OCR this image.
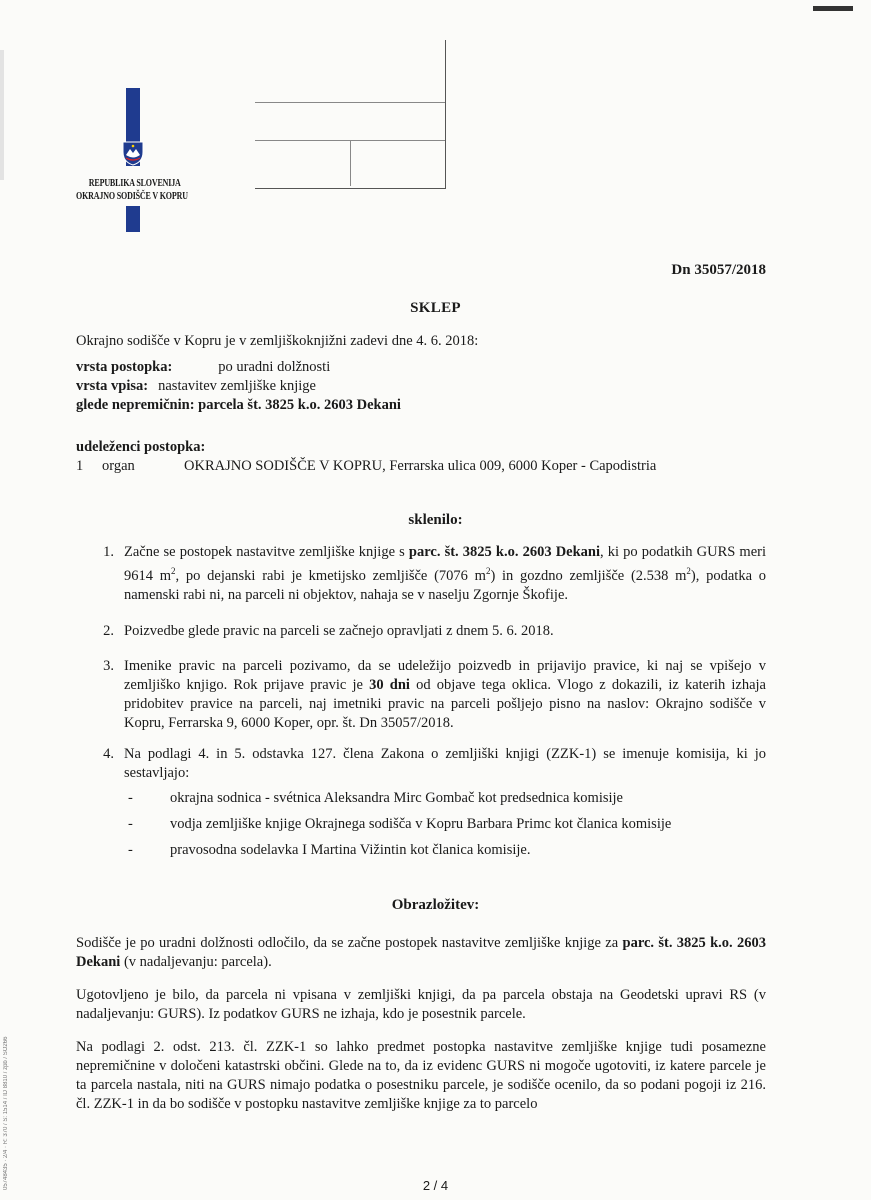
REPUBLIKA SLOVENIJA
OKRAJNO SODIŠČE V KOPRU
Dn 35057/2018
SKLEP
Okrajno sodišče v Kopru je v zemljiškoknjižni zadevi dne 4. 6. 2018:
vrsta postopka:	po uradni dolžnosti
vrsta vpisa: nastavitev zemljiške knjige
glede nepremičnin: parcela št. 3825 k.o. 2603 Dekani
udeleženci postopka:
1 organ	OKRAJNO SODIŠČE V KOPRU, Ferrarska ulica 009, 6000 Koper - Capodistria
sklenilo:
1. Začne se postopek nastavitve zemljiške knjige s parc. št. 3825 k.o. 2603 Dekani, ki po podatkih GURS meri 9614 $m^2$, po dejanski rabi je kmetijsko zemljišče (7076 $m^2$) in gozdno zemljišče (2.538 $m^2$), podatka o namenski rabi ni, na parceli ni objektov, nahaja se v naselju Zgornje Škofije.
2. Poizvedbe glede pravic na parceli se začnejo opravljati z dnem 5. 6. 2018.
3. Imenike pravic na parceli pozivamo, da se udeležijo poizvedb in prijavijo pravice, ki naj se vpišejo v zemljiško knjigo. Rok prijave pravic je 30 dni od objave tega oklica. Vlogo z dokazili, iz katerih izhaja pridobitev pravice na parceli, naj imetniki pravic na parceli pošljejo pisno na naslov: Okrajno sodišče v Kopru, Ferrarska 9, 6000 Koper, opr. št. Dn 35057/2018.
4. Na podlagi 4. in 5. odstavka 127. člena Zakona o zemljiški knjigi (ZZK-1) se imenuje komisija, ki jo sestavljajo:
-	okrajna sodnica - svétnica Aleksandra Mirc Gombač kot predsednica komisije
-	vodja zemljiške knjige Okrajnega sodišča v Kopru Barbara Primc kot članica komisije
-	pravosodna sodelavka I Martina Vižintin kot članica komisije.
Obrazložitev:
Sodišče je po uradni dolžnosti odločilo, da se začne postopek nastavitve zemljiške knjige za parc. št. 3825 k.o. 2603 Dekani (v nadaljevanju: parcela).
Ugotovljeno je bilo, da parcela ni vpisana v zemljiški knjigi, da pa parcela obstaja na Geodetski upravi RS (v nadaljevanju: GURS). Iz podatkov GURS ne izhaja, kdo je posestnik parcele.
Na podlagi 2. odst. 213. čl. ZZK-1 so lahko predmet postopka nastavitve zemljiške knjige tudi posamezne nepremičnine v določeni katastrski občini. Glede na to, da iz evidenc GURS ni mogoče ugotoviti, iz katere parcele je ta parcela nastala, niti na GURS nimajo podatka o posestniku parcele, je sodišče ocenilo, da so podani pogoji iz 216. čl. ZZK-1 in da bo sodišče v postopku nastavitve zemljiške knjige za to parcelo
2 / 4
05748435 · 2/4 · R: 370 / S: 1514 / ID 8810 / zpb / SO266
